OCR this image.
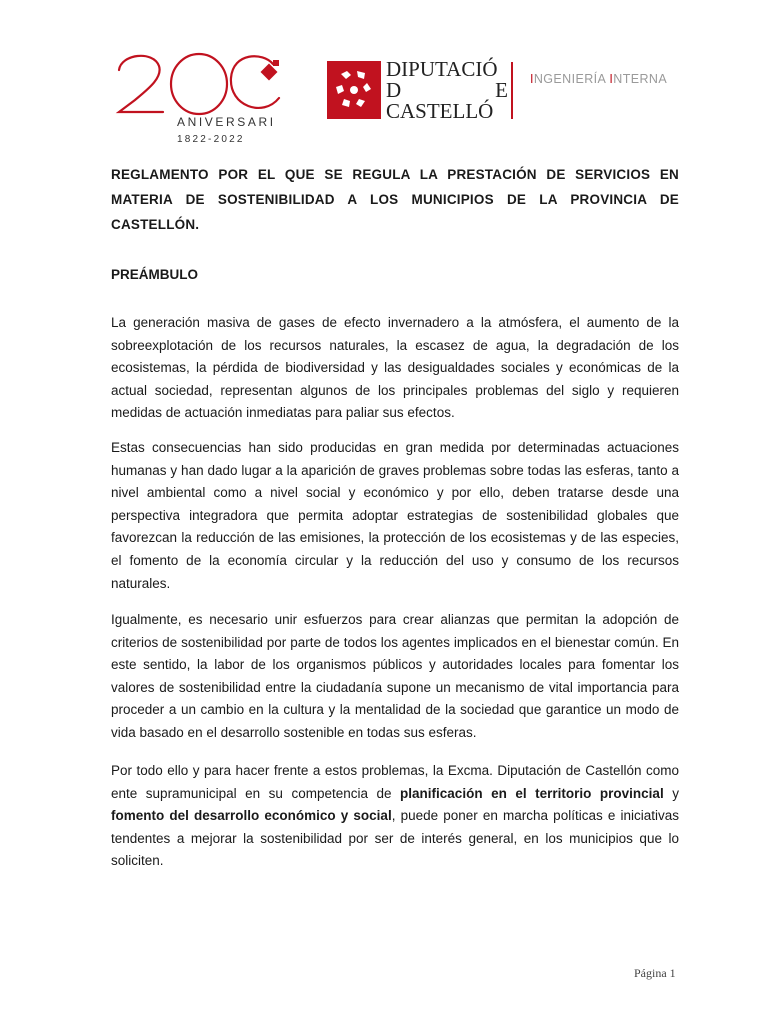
ANIVERSARI
1822-2022
DIPUTACIÓ
D	E
CASTELLÓ
INGENIERÍA INTERNA
REGLAMENTO POR EL QUE SE REGULA LA PRESTACIÓN DE SERVICIOS EN MATERIA DE SOSTENIBILIDAD A LOS MUNICIPIOS DE LA PROVINCIA DE CASTELLÓN.
PREÁMBULO

La generación masiva de gases de efecto invernadero a la atmósfera, el aumento de la sobreexplotación de los recursos naturales, la escasez de agua, la degradación de los ecosistemas, la pérdida de biodiversidad y las desigualdades sociales y económicas de la actual sociedad, representan algunos de los principales problemas del siglo y requieren medidas de actuación inmediatas para paliar sus efectos.

Estas consecuencias han sido producidas en gran medida por determinadas actuaciones humanas y han dado lugar a la aparición de graves problemas sobre todas las esferas, tanto a nivel ambiental como a nivel social y económico y por ello, deben tratarse desde una perspectiva integradora que permita adoptar estrategias de sostenibilidad globales que favorezcan la reducción de las emisiones, la protección de los ecosistemas y de las especies, el fomento de la economía circular y la reducción del uso y consumo de los recursos naturales.

Igualmente, es necesario unir esfuerzos para crear alianzas que permitan la adopción de criterios de sostenibilidad por parte de todos los agentes implicados en el bienestar común. En este sentido, la labor de los organismos públicos y autoridades locales para fomentar los valores de sostenibilidad entre la ciudadanía supone un mecanismo de vital importancia para proceder a un cambio en la cultura y la mentalidad de la sociedad que garantice un modo de vida basado en el desarrollo sostenible en todas sus esferas.

Por todo ello y para hacer frente a estos problemas, la Excma. Diputación de Castellón como ente supramunicipal en su competencia de planificación en el territorio provincial y fomento del desarrollo económico y social, puede poner en marcha políticas e iniciativas tendentes a mejorar la sostenibilidad por ser de interés general, en los municipios que lo soliciten.

Página 1
